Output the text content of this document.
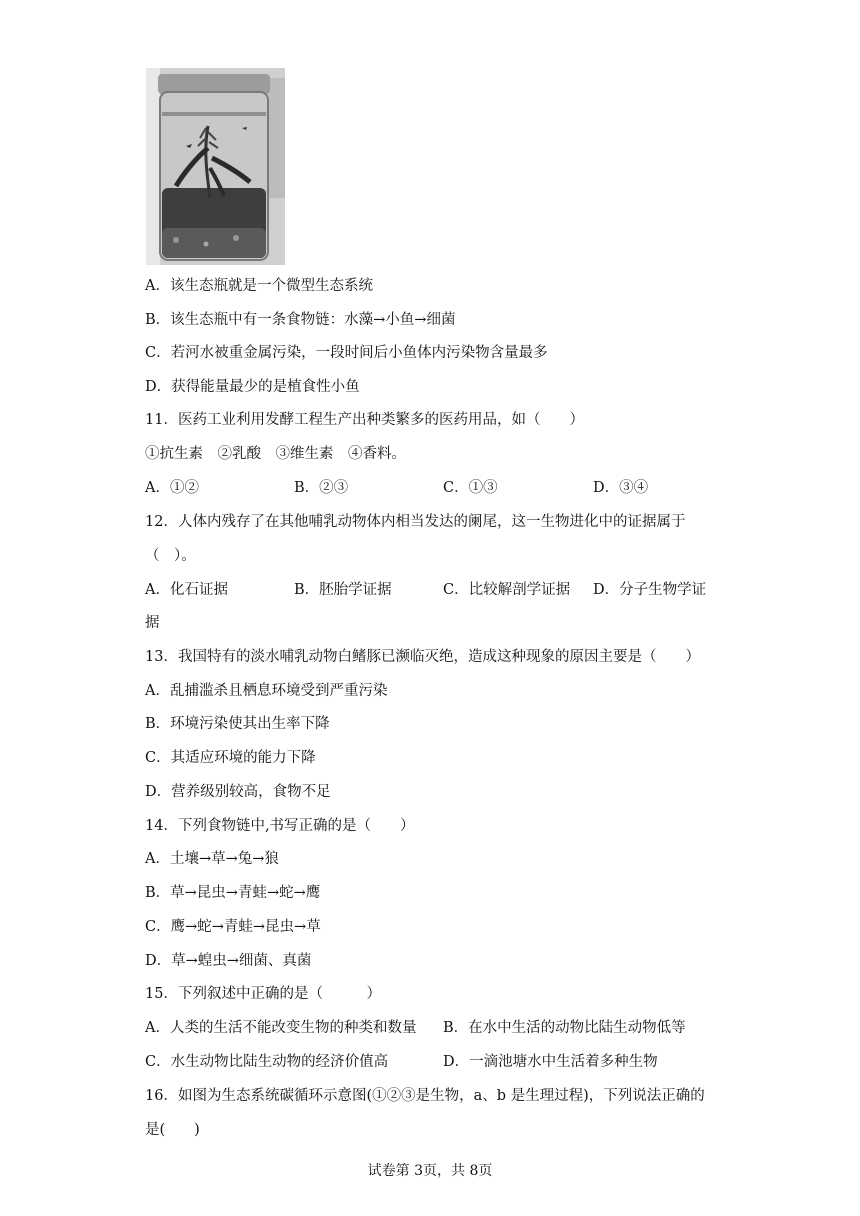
A．该生态瓶就是一个微型生态系统
B．该生态瓶中有一条食物链：水藻→小鱼→细菌
C．若河水被重金属污染，一段时间后小鱼体内污染物含量最多
D．获得能量最少的是植食性小鱼
11．医药工业利用发酵工程生产出种类繁多的医药用品，如（　　）
①抗生素　②乳酸　③维生素　④香料。
A．①②	B．②③	C．①③	D．③④
12．人体内残存了在其他哺乳动物体内相当发达的阑尾，这一生物进化中的证据属于
（　）。
A．化石证据	B．胚胎学证据	C．比较解剖学证据 D．分子生物学证
据
13．我国特有的淡水哺乳动物白鳍豚已濒临灭绝，造成这种现象的原因主要是（　　）
A．乱捕滥杀且栖息环境受到严重污染
B．环境污染使其出生率下降
C．其适应环境的能力下降
D．营养级别较高，食物不足
14．下列食物链中,书写正确的是（　　）
A．土壤→草→兔→狼
B．草→昆虫→青蛙→蛇→鹰
C．鹰→蛇→青蛙→昆虫→草
D．草→蝗虫→细菌、真菌
15．下列叙述中正确的是（　　　）
A．人类的生活不能改变生物的种类和数量 B．在水中生活的动物比陆生动物低等
C．水生动物比陆生动物的经济价值高	D．一滴池塘水中生活着多种生物
16．如图为生态系统碳循环示意图(①②③是生物，a、b 是生理过程)，下列说法正确的
是(　　)
试卷第 3页，共 8页
